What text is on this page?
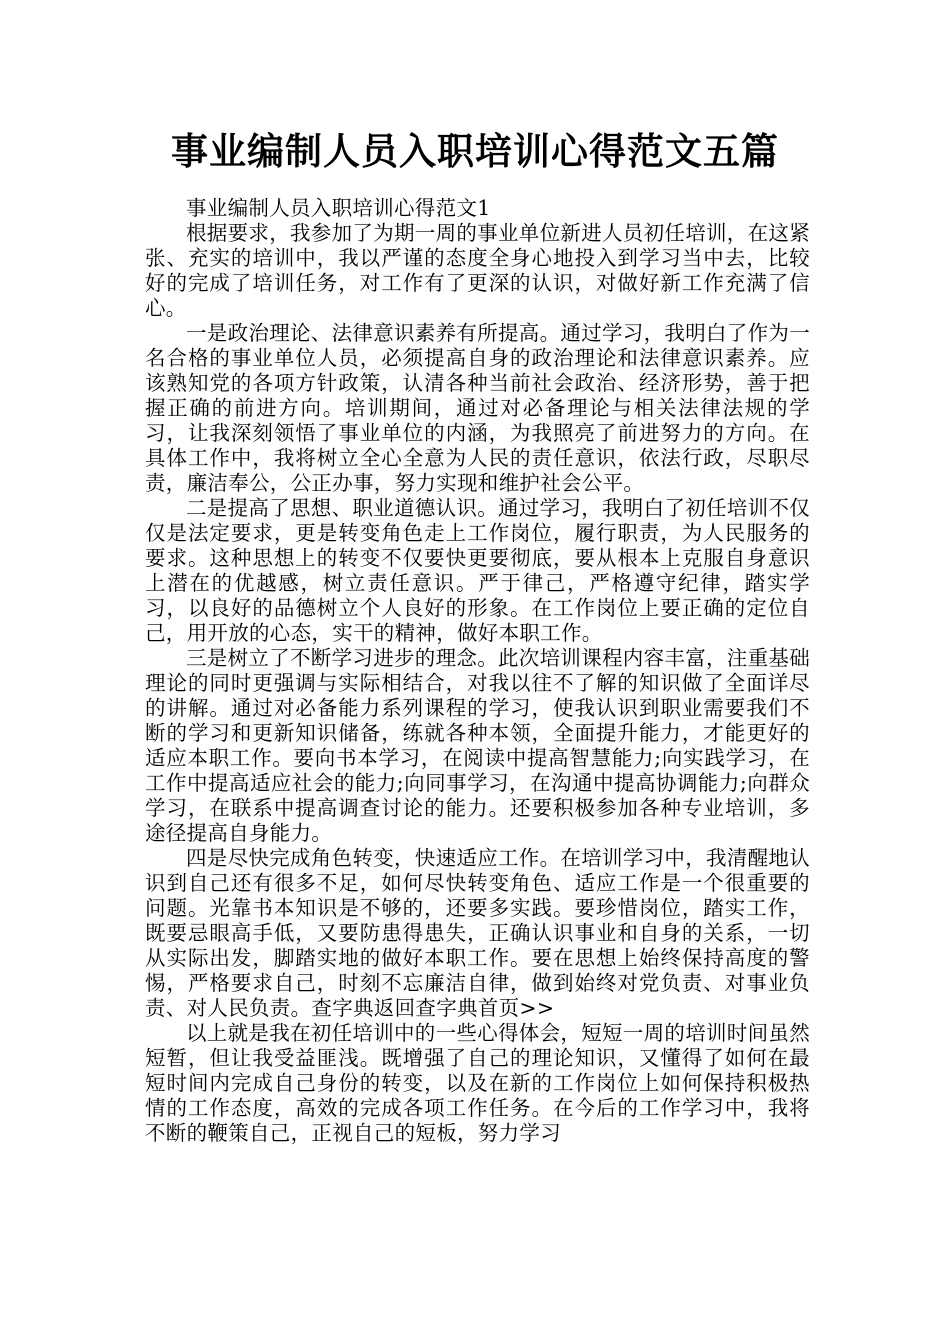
事业编制人员入职培训心得范文五篇

事业编制人员入职培训心得范文1

根据要求，我参加了为期一周的事业单位新进人员初任培训，在这紧张、充实的培训中，我以严谨的态度全身心地投入到学习当中去，比较好的完成了培训任务，对工作有了更深的认识，对做好新工作充满了信心。

一是政治理论、法律意识素养有所提高。通过学习，我明白了作为一名合格的事业单位人员，必须提高自身的政治理论和法律意识素养。应该熟知党的各项方针政策，认清各种当前社会政治、经济形势，善于把握正确的前进方向。培训期间，通过对必备理论与相关法律法规的学习，让我深刻领悟了事业单位的内涵，为我照亮了前进努力的方向。在具体工作中，我将树立全心全意为人民的责任意识，依法行政，尽职尽责，廉洁奉公，公正办事，努力实现和维护社会公平。

二是提高了思想、职业道德认识。通过学习，我明白了初任培训不仅仅是法定要求，更是转变角色走上工作岗位，履行职责，为人民服务的要求。这种思想上的转变不仅要快更要彻底，要从根本上克服自身意识上潜在的优越感，树立责任意识。严于律己，严格遵守纪律，踏实学习，以良好的品德树立个人良好的形象。在工作岗位上要正确的定位自己，用开放的心态，实干的精神，做好本职工作。

三是树立了不断学习进步的理念。此次培训课程内容丰富，注重基础理论的同时更强调与实际相结合，对我以往不了解的知识做了全面详尽的讲解。通过对必备能力系列课程的学习，使我认识到职业需要我们不断的学习和更新知识储备，练就各种本领，全面提升能力，才能更好的适应本职工作。要向书本学习，在阅读中提高智慧能力;向实践学习，在工作中提高适应社会的能力;向同事学习，在沟通中提高协调能力;向群众学习，在联系中提高调查讨论的能力。还要积极参加各种专业培训，多途径提高自身能力。

四是尽快完成角色转变，快速适应工作。在培训学习中，我清醒地认识到自己还有很多不足，如何尽快转变角色、适应工作是一个很重要的问题。光靠书本知识是不够的，还要多实践。要珍惜岗位，踏实工作，既要忌眼高手低，又要防患得患失，正确认识事业和自身的关系，一切从实际出发，脚踏实地的做好本职工作。要在思想上始终保持高度的警惕，严格要求自己，时刻不忘廉洁自律，做到始终对党负责、对事业负责、对人民负责。查字典返回查字典首页>>

以上就是我在初任培训中的一些心得体会，短短一周的培训时间虽然短暂，但让我受益匪浅。既增强了自己的理论知识，又懂得了如何在最短时间内完成自己身份的转变，以及在新的工作岗位上如何保持积极热情的工作态度，高效的完成各项工作任务。在今后的工作学习中，我将不断的鞭策自己，正视自己的短板，努力学习
